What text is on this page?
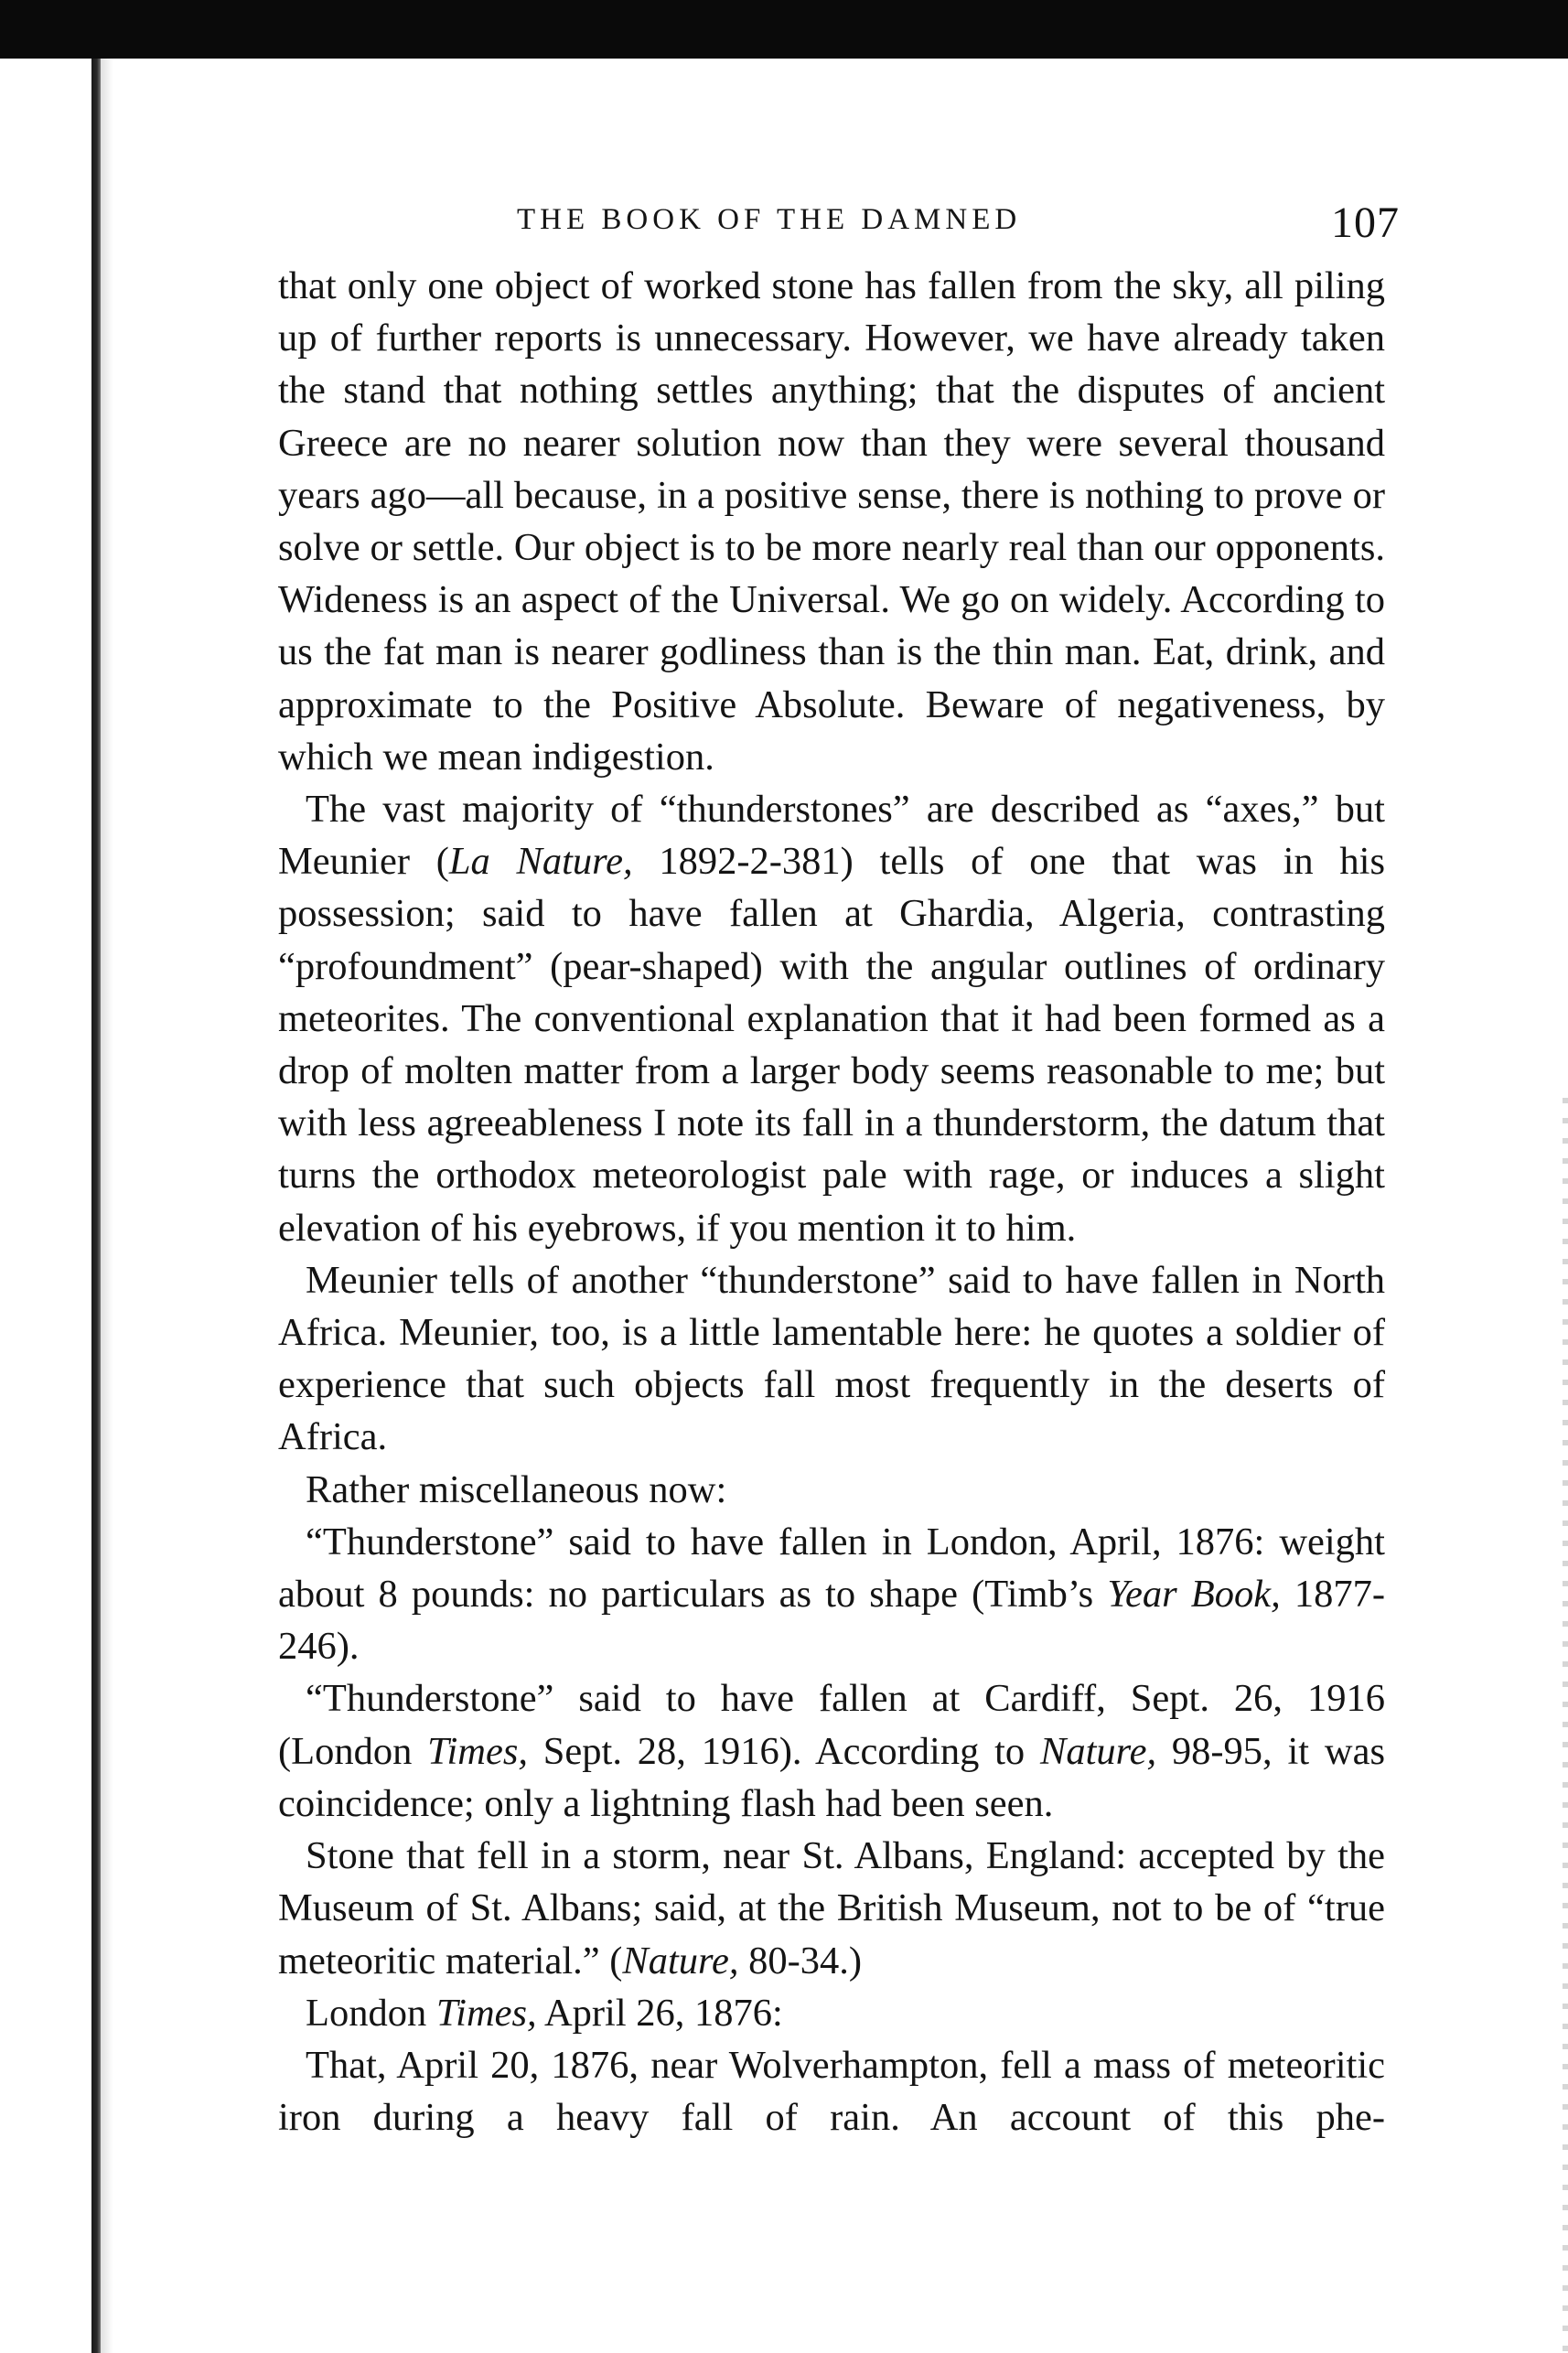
THE BOOK OF THE DAMNED	107

that only one object of worked stone has fallen from the sky, all piling up of further reports is unnecessary. However, we have already taken the stand that nothing settles anything; that the disputes of ancient Greece are no nearer solution now than they were several thousand years ago—all because, in a positive sense, there is nothing to prove or solve or settle. Our object is to be more nearly real than our opponents. Wideness is an aspect of the Universal. We go on widely. According to us the fat man is nearer godliness than is the thin man. Eat, drink, and approximate to the Positive Absolute. Beware of negativeness, by which we mean indigestion.

The vast majority of “thunderstones” are described as “axes,” but Meunier (La Nature, 1892-2-381) tells of one that was in his possession; said to have fallen at Ghardia, Algeria, contrasting “profoundment” (pear-shaped) with the angular outlines of ordinary meteorites. The conventional explanation that it had been formed as a drop of molten matter from a larger body seems reasonable to me; but with less agreeableness I note its fall in a thunderstorm, the datum that turns the orthodox meteorologist pale with rage, or induces a slight elevation of his eyebrows, if you mention it to him.

Meunier tells of another “thunderstone” said to have fallen in North Africa. Meunier, too, is a little lamentable here: he quotes a soldier of experience that such objects fall most frequently in the deserts of Africa.

Rather miscellaneous now:

“Thunderstone” said to have fallen in London, April, 1876: weight about 8 pounds: no particulars as to shape (Timb’s Year Book, 1877-246).

“Thunderstone” said to have fallen at Cardiff, Sept. 26, 1916 (London Times, Sept. 28, 1916). According to Nature, 98-95, it was coincidence; only a lightning flash had been seen.

Stone that fell in a storm, near St. Albans, England: accepted by the Museum of St. Albans; said, at the British Museum, not to be of “true meteoritic material.” (Nature, 80-34.)

London Times, April 26, 1876:

That, April 20, 1876, near Wolverhampton, fell a mass of meteoritic iron during a heavy fall of rain. An account of this phe-
